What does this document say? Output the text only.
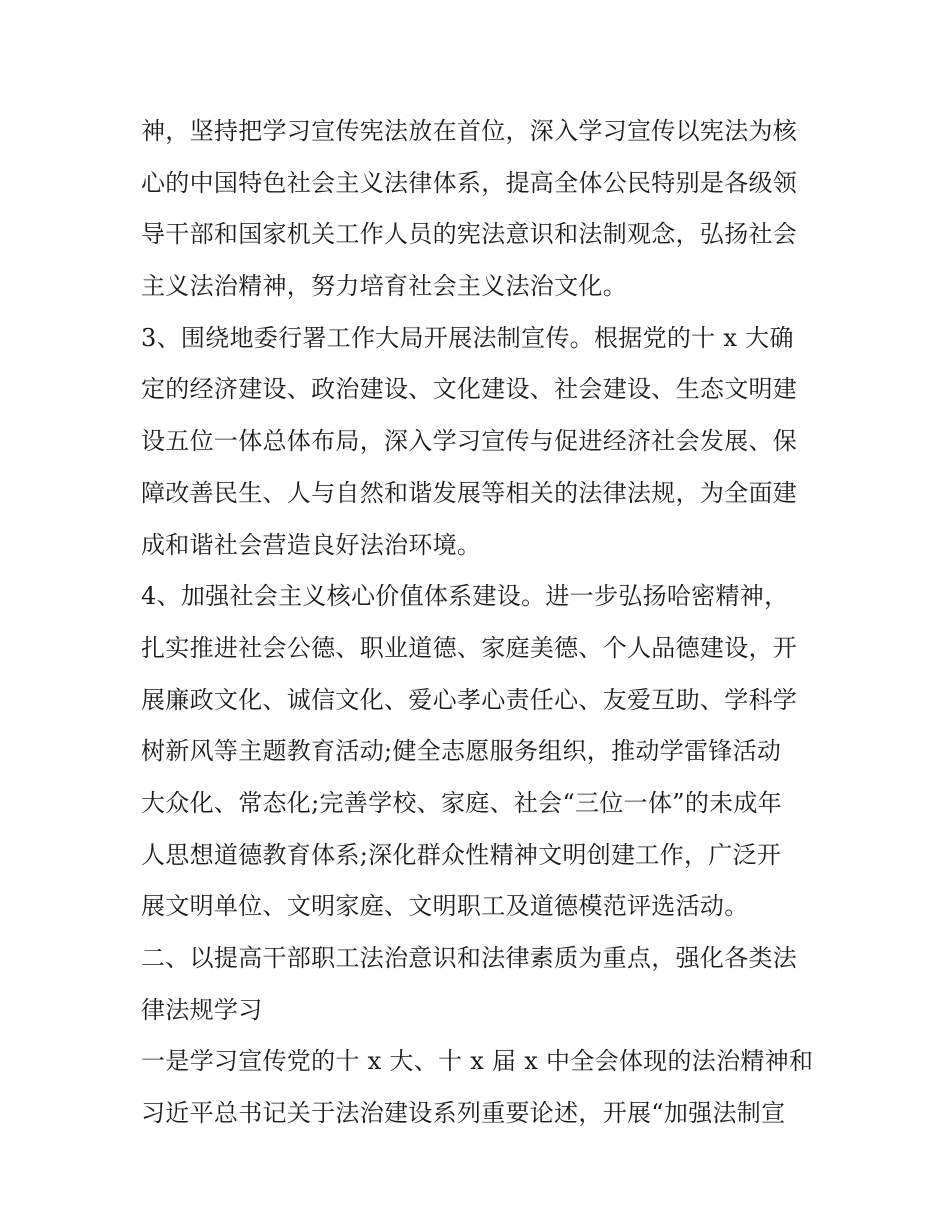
神，坚持把学习宣传宪法放在首位，深入学习宣传以宪法为核
心的中国特色社会主义法律体系，提高全体公民特别是各级领
导干部和国家机关工作人员的宪法意识和法制观念，弘扬社会
主义法治精神，努力培育社会主义法治文化。
3、围绕地委行署工作大局开展法制宣传。根据党的十 x 大确
定的经济建设、政治建设、文化建设、社会建设、生态文明建
设五位一体总体布局，深入学习宣传与促进经济社会发展、保
障改善民生、人与自然和谐发展等相关的法律法规，为全面建
成和谐社会营造良好法治环境。
4、加强社会主义核心价值体系建设。进一步弘扬哈密精神，
扎实推进社会公德、职业道德、家庭美德、个人品德建设，开
展廉政文化、诚信文化、爱心孝心责任心、友爱互助、学科学
树新风等主题教育活动;健全志愿服务组织，推动学雷锋活动
大众化、常态化;完善学校、家庭、社会“三位一体”的未成年
人思想道德教育体系;深化群众性精神文明创建工作，广泛开
展文明单位、文明家庭、文明职工及道德模范评选活动。
二、以提高干部职工法治意识和法律素质为重点，强化各类法
律法规学习
一是学习宣传党的十 x 大、十 x 届 x 中全会体现的法治精神和
习近平总书记关于法治建设系列重要论述，开展“加强法制宣
